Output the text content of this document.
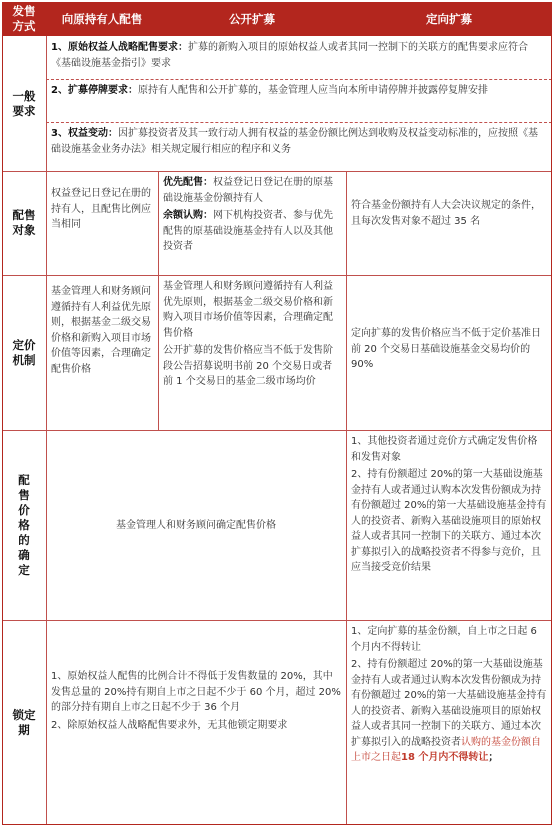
发售方式
向原持有人配售	公开扩募	定向扩募
一般要求
1、原始权益人战略配售要求：扩募的新购入项目的原始权益人或者其同一控制下的关联方的配售要求应符合《基础设施基金指引》要求
2、扩募停牌要求：原持有人配售和公开扩募的，基金管理人应当向本所申请停牌并披露停复牌安排
3、权益变动：因扩募投资者及其一致行动人拥有权益的基金份额比例达到收购及权益变动标准的，应按照《基础设施基金业务办法》相关规定履行相应的程序和义务
配售对象
权益登记日登记在册的持有人，且配售比例应当相同

优先配售：权益登记日登记在册的原基础设施基金份额持有人

余额认购：网下机构投资者、参与优先配售的原基础设施基金持有人以及其他投资者

符合基金份额持有人大会决议规定的条件，且每次发售对象不超过 35 名
定价机制
基金管理人和财务顾问遵循持有人利益优先原则，根据基金二级交易价格和新购入项目市场价值等因素，合理确定配售价格

基金管理人和财务顾问遵循持有人利益优先原则，根据基金二级交易价格和新购入项目市场价值等因素，合理确定配售价格

公开扩募的发售价格应当不低于发售阶段公告招募说明书前 20 个交易日或者前 1 个交易日的基金二级市场均价

定向扩募的发售价格应当不低于定价基准日前 20 个交易日基础设施基金交易均价的 90%
配售价格的确定
基金管理人和财务顾问确定配售价格

1、其他投资者通过竞价方式确定发售价格和发售对象

2、持有份额超过 20%的第一大基础设施基金持有人或者通过认购本次发售份额成为持有份额超过 20%的第一大基础设施基金持有人的投资者、新购入基础设施项目的原始权益人或者其同一控制下的关联方、通过本次扩募拟引入的战略投资者不得参与竞价，且应当接受竞价结果

锁定期

1、原始权益人配售的比例合计不得低于发售数量的 20%，其中发售总量的 20%持有期自上市之日起不少于 60 个月，超过 20%的部分持有期自上市之日起不少于 36 个月

2、除原始权益人战略配售要求外，无其他锁定期要求

1、定向扩募的基金份额，自上市之日起 6 个月内不得转让

2、持有份额超过 20%的第一大基础设施基金持有人或者通过认购本次发售份额成为持有份额超过 20%的第一大基础设施基金持有人的投资者、新购入基础设施项目的原始权益人或者其同一控制下的关联方、通过本次扩募拟引入的战略投资者认购的基金份额自上市之日起18 个月内不得转让；
